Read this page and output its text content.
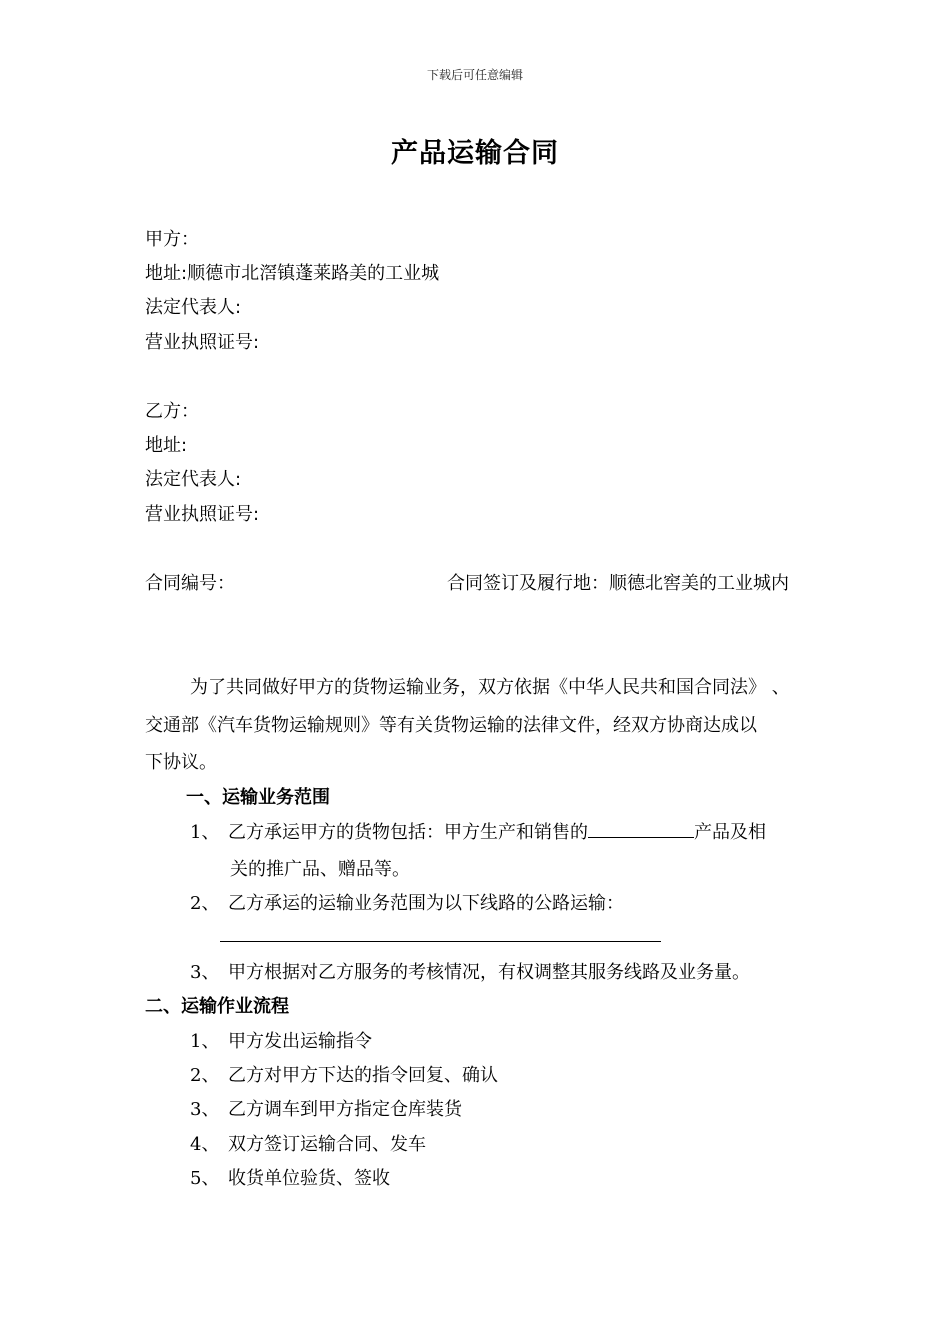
下载后可任意编辑
产品运输合同
甲方：
地址:顺德市北滘镇蓬莱路美的工业城
法定代表人:
营业执照证号:
乙方：
地址:
法定代表人:
营业执照证号:
合同编号：	合同签订及履行地：顺德北窖美的工业城内
为了共同做好甲方的货物运输业务，双方依据《中华人民共和国合同法》 、
交通部《汽车货物运输规则》等有关货物运输的法律文件，经双方协商达成以
下协议。
一、运输业务范围
1、 乙方承运甲方的货物包括：甲方生产和销售的	产品及相
关的推广品、赠品等。
2、 乙方承运的运输业务范围为以下线路的公路运输：
3、 甲方根据对乙方服务的考核情况，有权调整其服务线路及业务量。
二、运输作业流程
1、 甲方发出运输指令
2、 乙方对甲方下达的指令回复、确认
3、 乙方调车到甲方指定仓库装货
4、 双方签订运输合同、发车
5、 收货单位验货、签收
